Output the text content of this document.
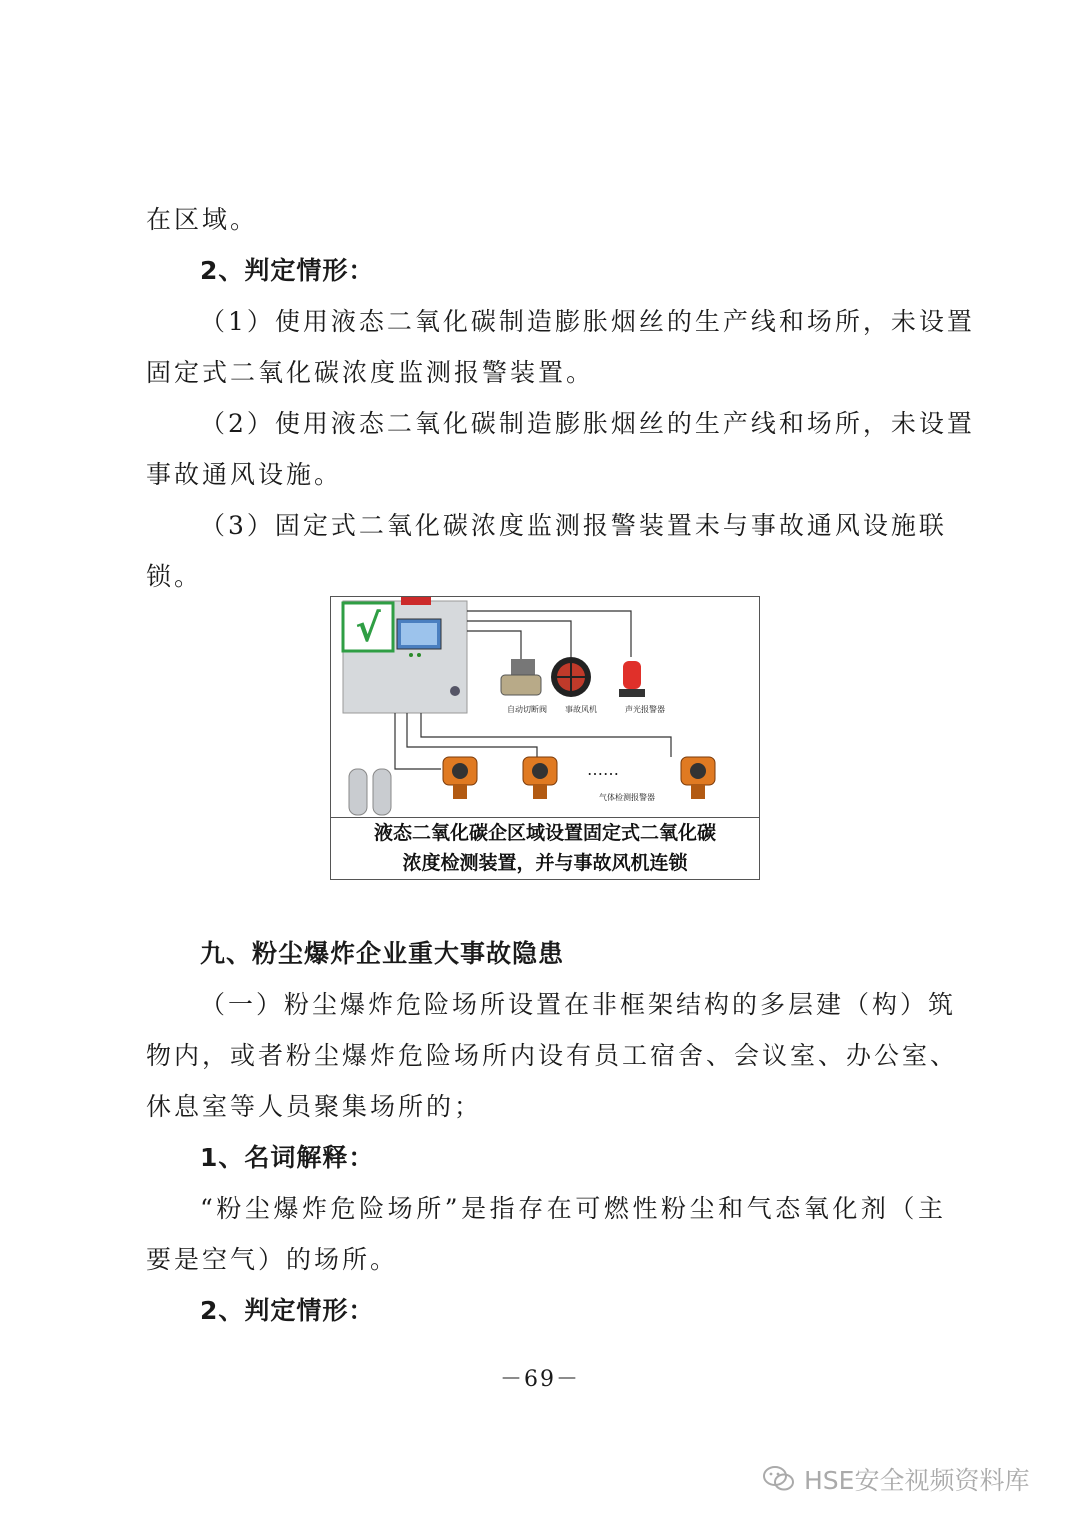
在区域。
2、判定情形：
（1）使用液态二氧化碳制造膨胀烟丝的生产线和场所，未设置
固定式二氧化碳浓度监测报警装置。
（2）使用液态二氧化碳制造膨胀烟丝的生产线和场所，未设置
事故通风设施。
（3）固定式二氧化碳浓度监测报警装置未与事故通风设施联
锁。
√
自动切断阀 事故风机	声光报警器
……
气体检测报警器
液态二氧化碳企区域设置固定式二氧化碳
浓度检测装置，并与事故风机连锁
九、粉尘爆炸企业重大事故隐患
（一）粉尘爆炸危险场所设置在非框架结构的多层建（构）筑
物内，或者粉尘爆炸危险场所内设有员工宿舍、会议室、办公室、
休息室等人员聚集场所的；
1、名词解释：
“粉尘爆炸危险场所”是指存在可燃性粉尘和气态氧化剂（主
要是空气）的场所。
2、判定情形：
－69－
HSE安全视频资料库
